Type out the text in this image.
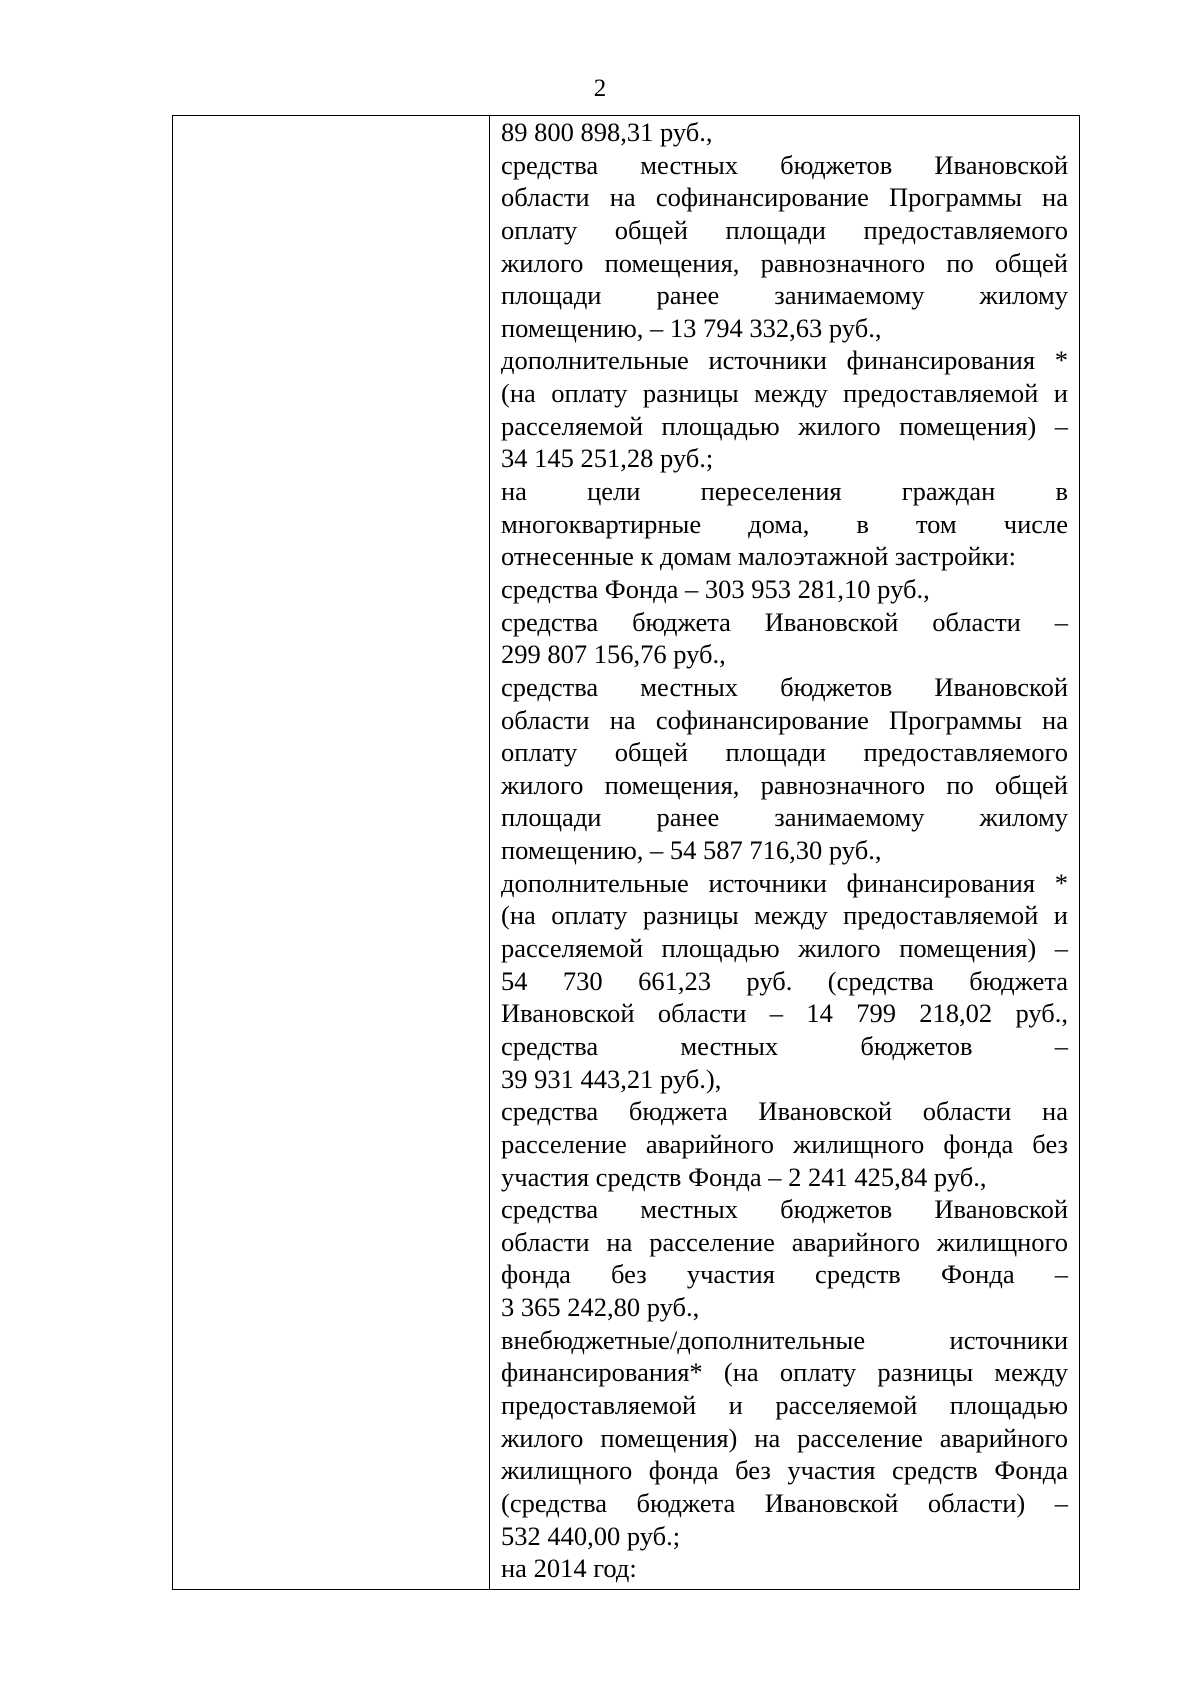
2
89 800 898,31 руб.,
средства местных бюджетов Ивановской
области на софинансирование Программы на
оплату общей площади предоставляемого
жилого помещения, равнозначного по общей
площади ранее занимаемому жилому
помещению, – 13 794 332,63 руб.,
дополнительные источники финансирования *
(на оплату разницы между предоставляемой и
расселяемой площадью жилого помещения) –
34 145 251,28 руб.;
на цели переселения граждан в
многоквартирные дома, в том числе
отнесенные к домам малоэтажной застройки:
средства Фонда – 303 953 281,10 руб.,
средства бюджета Ивановской области –
299 807 156,76 руб.,
средства местных бюджетов Ивановской
области на софинансирование Программы на
оплату общей площади предоставляемого
жилого помещения, равнозначного по общей
площади ранее занимаемому жилому
помещению, – 54 587 716,30 руб.,
дополнительные источники финансирования *
(на оплату разницы между предоставляемой и
расселяемой площадью жилого помещения) –
54 730 661,23 руб. (средства бюджета
Ивановской области – 14 799 218,02 руб.,
средства местных бюджетов –
39 931 443,21 руб.),
средства бюджета Ивановской области на
расселение аварийного жилищного фонда без
участия средств Фонда – 2 241 425,84 руб.,
средства местных бюджетов Ивановской
области на расселение аварийного жилищного
фонда без участия средств Фонда –
3 365 242,80 руб.,
внебюджетные/дополнительные источники
финансирования* (на оплату разницы между
предоставляемой и расселяемой площадью
жилого помещения) на расселение аварийного
жилищного фонда без участия средств Фонда
(средства бюджета Ивановской области) –
532 440,00 руб.;
на 2014 год:
